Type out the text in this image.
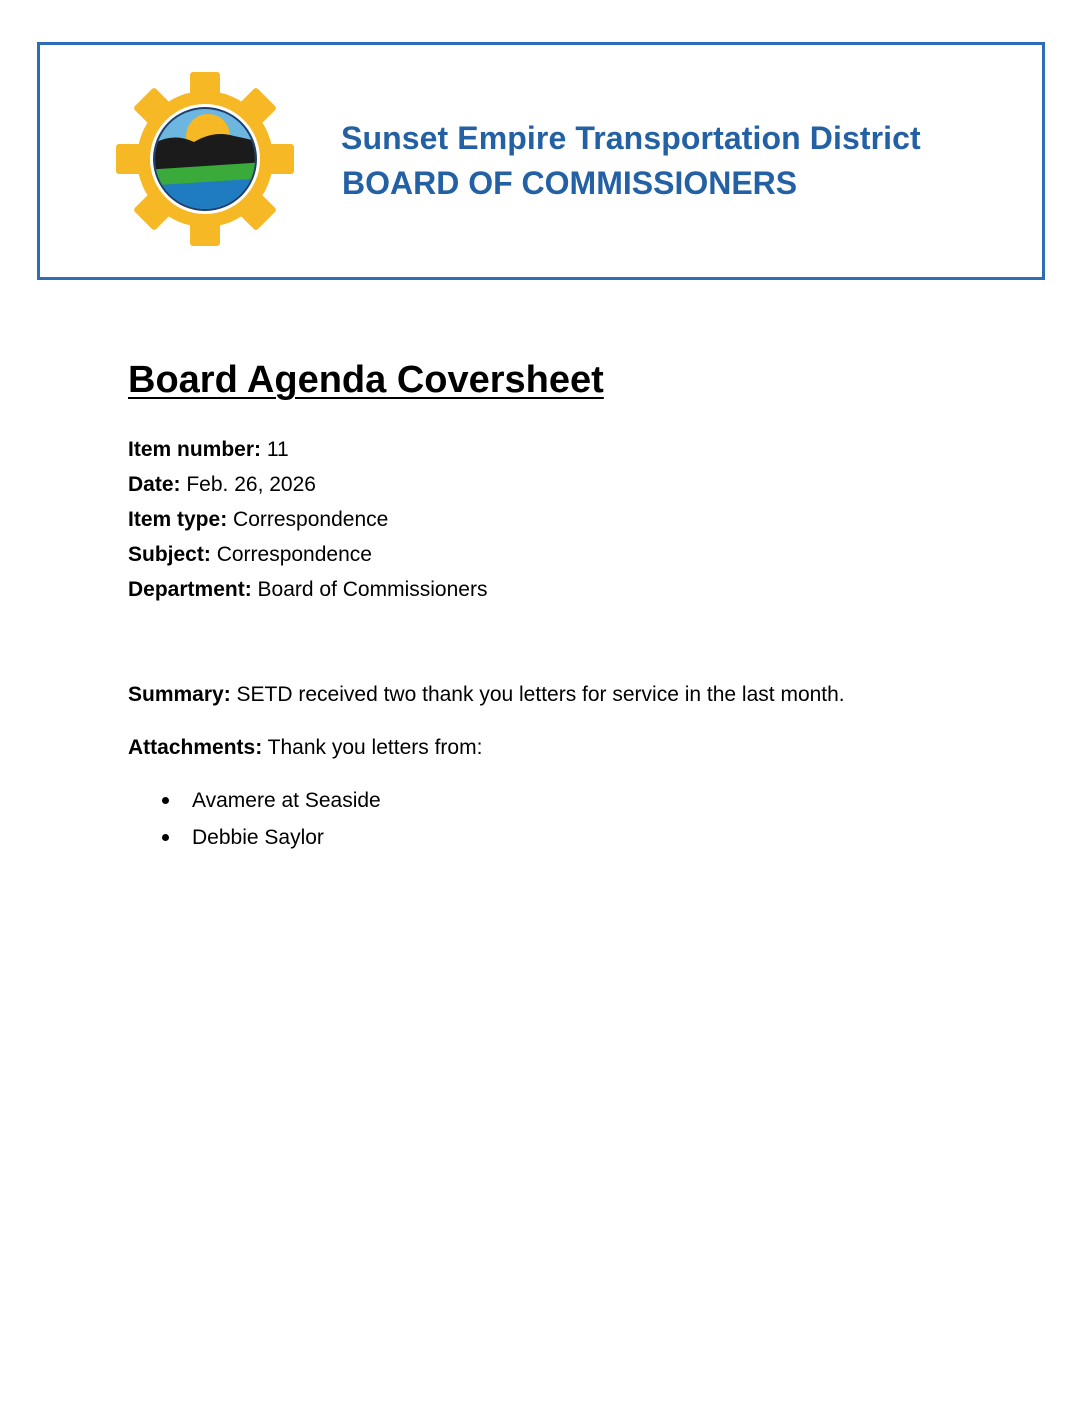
Sunset Empire Transportation District
BOARD OF COMMISSIONERS
Board Agenda Coversheet
Item number: 11
Date: Feb. 26, 2026
Item type: Correspondence
Subject: Correspondence
Department: Board of Commissioners
Summary: SETD received two thank you letters for service in the last month.
Attachments: Thank you letters from:
Avamere at Seaside
Debbie Saylor
